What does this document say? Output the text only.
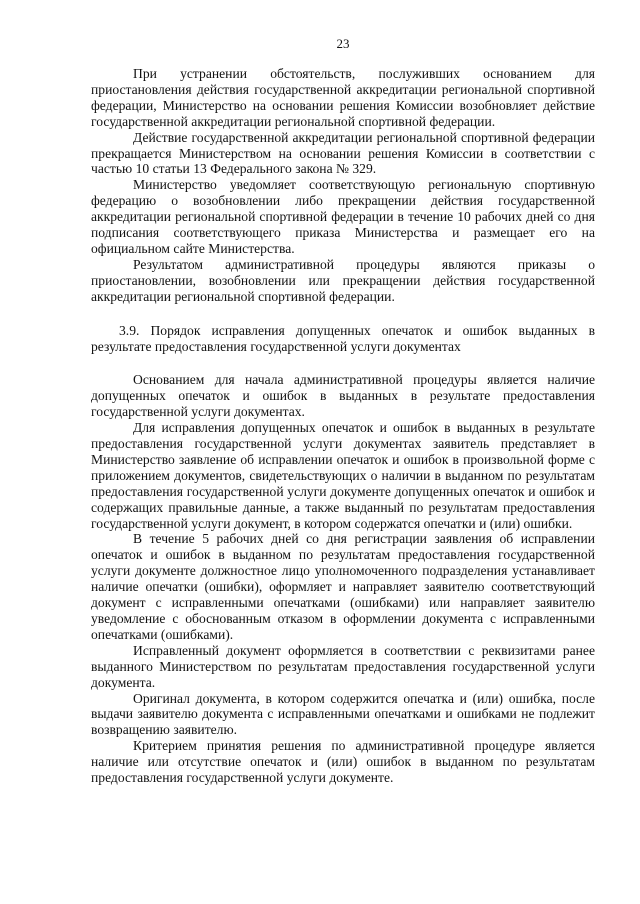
23

При устранении обстоятельств, послуживших основанием для приостановления действия государственной аккредитации региональной спортивной федерации, Министерство на основании решения Комиссии возобновляет действие государственной аккредитации региональной спортивной федерации.

Действие государственной аккредитации региональной спортивной федерации прекращается Министерством на основании решения Комиссии в соответствии с частью 10 статьи 13 Федерального закона № 329.

Министерство уведомляет соответствующую региональную спортивную федерацию о возобновлении либо прекращении действия государственной аккредитации региональной спортивной федерации в течение 10 рабочих дней со дня подписания соответствующего приказа Министерства и размещает его на официальном сайте Министерства.

Результатом административной процедуры являются приказы о приостановлении, возобновлении или прекращении действия государственной аккредитации региональной спортивной федерации.

3.9. Порядок исправления допущенных опечаток и ошибок выданных в результате предоставления государственной услуги документах

Основанием для начала административной процедуры является наличие допущенных опечаток и ошибок в выданных в результате предоставления государственной услуги документах.

Для исправления допущенных опечаток и ошибок в выданных в результате предоставления государственной услуги документах заявитель представляет в Министерство заявление об исправлении опечаток и ошибок в произвольной форме с приложением документов, свидетельствующих о наличии в выданном по результатам предоставления государственной услуги документе допущенных опечаток и ошибок и содержащих правильные данные, а также выданный по результатам предоставления государственной услуги документ, в котором содержатся опечатки и (или) ошибки.

В течение 5 рабочих дней со дня регистрации заявления об исправлении опечаток и ошибок в выданном по результатам предоставления государственной услуги документе должностное лицо уполномоченного подразделения устанавливает наличие опечатки (ошибки), оформляет и направляет заявителю соответствующий документ с исправленными опечатками (ошибками) или направляет заявителю уведомление с обоснованным отказом в оформлении документа с исправленными опечатками (ошибками).

Исправленный документ оформляется в соответствии с реквизитами ранее выданного Министерством по результатам предоставления государственной услуги документа.

Оригинал документа, в котором содержится опечатка и (или) ошибка, после выдачи заявителю документа с исправленными опечатками и ошибками не подлежит возвращению заявителю.

Критерием принятия решения по административной процедуре является наличие или отсутствие опечаток и (или) ошибок в выданном по результатам предоставления государственной услуги документе.
